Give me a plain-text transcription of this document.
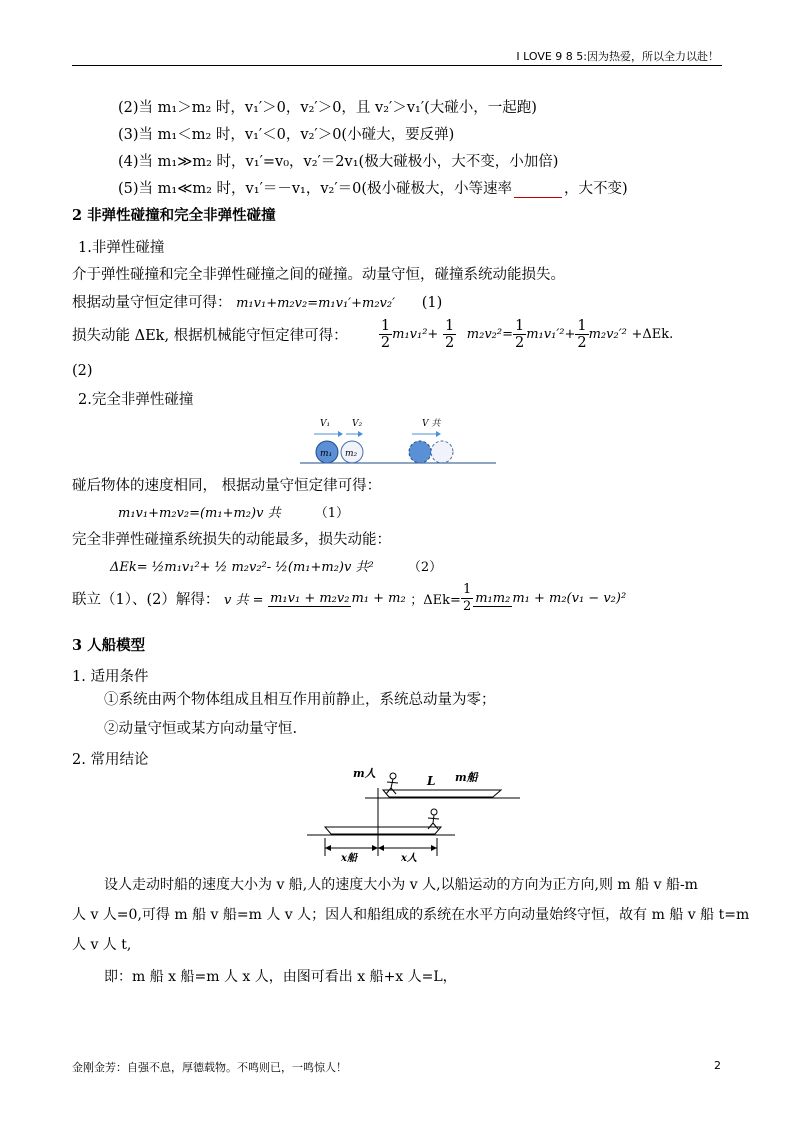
I LOVE 9 8 5:因为热爱，所以全力以赴！
(2)当 m₁＞m₂ 时，v₁′＞0，v₂′＞0，且 v₂′＞v₁′(大碰小，一起跑)
(3)当 m₁＜m₂ 时，v₁′＜0，v₂′＞0(小碰大，要反弹)
(4)当 m₁≫m₂ 时，v₁′=v₀，v₂′＝2v₁(极大碰极小，大不变，小加倍)
(5)当 m₁≪m₂ 时，v₁′＝－v₁，v₂′＝0(极小碰极大，小等速率	，大不变)
2 非弹性碰撞和完全非弹性碰撞
1.非弹性碰撞
介于弹性碰撞和完全非弹性碰撞之间的碰撞。动量守恒，碰撞系统动能损失。
根据动量守恒定律可得： m₁v₁+m₂v₂=m₁v₁′+m₂v₂′ (1)
损失动能 ΔEk, 根据机械能守恒定律可得： $\frac{1}{2} m_1v_1^2+ \frac{1}{2} m_2v_2^2= \frac{1}{2} m_1v_1'^2+ \frac{1}{2} m_2v_2'^2 +\Delta Ek$.
(2)
2.完全非弹性碰撞
V₁ V₂	V 共
m₁ m₂
碰后物体的速度相同， 根据动量守恒定律可得：
m₁v₁+m₂v₂=(m₁+m₂)v 共	（1）
完全非弹性碰撞系统损失的动能最多，损失动能：
ΔEk= ½m₁v₁²+ ½ m₂v₂²- ½(m₁+m₂)v 共²	（2）
联立（1）、(2）解得： v 共 = m₁v₁ + m₂v₂ m₁ + m₂ ；$\Delta Ek= \frac{1}{2} m_1m_2$ m₁ + m₂(v₁ − v₂)²
3 人船模型
1. 适用条件
①系统由两个物体组成且相互作用前静止，系统总动量为零；
②动量守恒或某方向动量守恒.
2. 常用结论
m人
L m船
x船	x人
设人走动时船的速度大小为 v 船,人的速度大小为 v 人,以船运动的方向为正方向,则 m 船 v 船-m
人 v 人=0,可得 m 船 v 船=m 人 v 人；因人和船组成的系统在水平方向动量始终守恒，故有 m 船 v 船 t=m
人 v 人 t,
即：m 船 x 船=m 人 x 人，由图可看出 x 船+x 人=L，
金刚金芳：自强不息，厚德载物。不鸣则已，一鸣惊人！	2
